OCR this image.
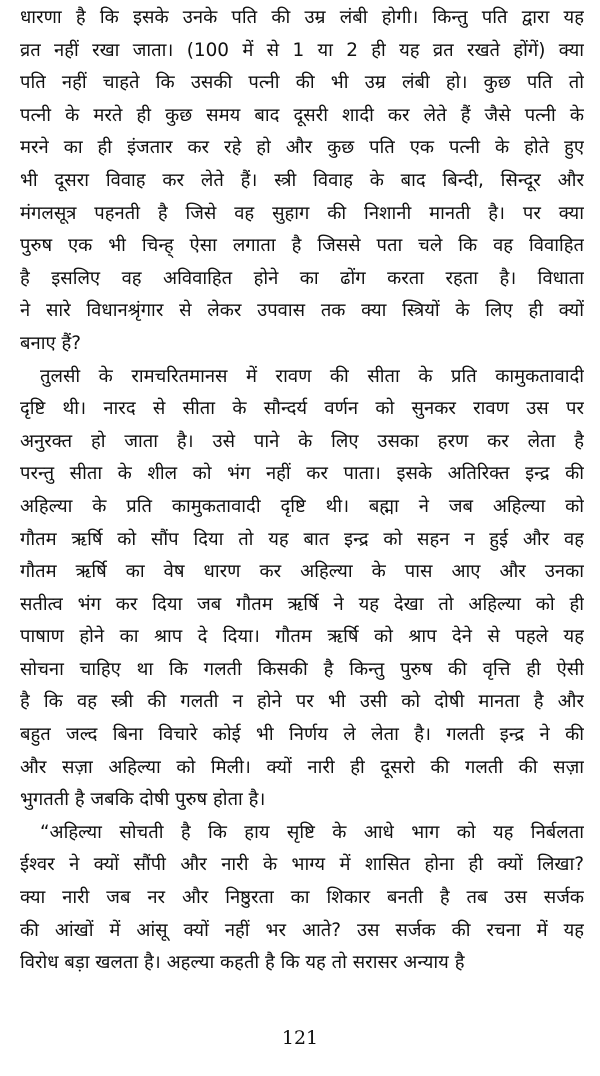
धारणा है कि इसके उनके पति की उम्र लंबी होगी। किन्तु पति द्वारा यह
व्रत नहीं रखा जाता। (100 में से 1 या 2 ही यह व्रत रखते होंगें) क्या
पति नहीं चाहते कि उसकी पत्नी की भी उम्र लंबी हो। कुछ पति तो
पत्नी के मरते ही कुछ समय बाद दूसरी शादी कर लेते हैं जैसे पत्नी के
मरने का ही इंजतार कर रहे हो और कुछ पति एक पत्नी के होते हुए
भी दूसरा विवाह कर लेते हैं। स्त्री विवाह के बाद बिन्दी, सिन्दूर और
मंगलसूत्र पहनती है जिसे वह सुहाग की निशानी मानती है। पर क्या
पुरुष एक भी चिन्ह् ऐसा लगाता है जिससे पता चले कि वह विवाहित
है इसलिए वह अविवाहित होने का ढोंग करता रहता है। विधाता
ने सारे विधानश्रृंगार से लेकर उपवास तक क्या स्त्रियों के लिए ही क्यों
बनाए हैं?
तुलसी के रामचरितमानस में रावण की सीता के प्रति कामुकतावादी
दृष्टि थी। नारद से सीता के सौन्दर्य वर्णन को सुनकर रावण उस पर
अनुरक्त हो जाता है। उसे पाने के लिए उसका हरण कर लेता है
परन्तु सीता के शील को भंग नहीं कर पाता। इसके अतिरिक्त इन्द्र की
अहिल्या के प्रति कामुकतावादी दृष्टि थी। बह्मा ने जब अहिल्या को
गौतम ऋर्षि को सौंप दिया तो यह बात इन्द्र को सहन न हुई और वह
गौतम ऋर्षि का वेष धारण कर अहिल्या के पास आए और उनका
सतीत्व भंग कर दिया जब गौतम ऋर्षि ने यह देखा तो अहिल्या को ही
पाषाण होने का श्राप दे दिया। गौतम ऋर्षि को श्राप देने से पहले यह
सोचना चाहिए था कि गलती किसकी है किन्तु पुरुष की वृत्ति ही ऐसी
है कि वह स्त्री की गलती न होने पर भी उसी को दोषी मानता है और
बहुत जल्द बिना विचारे कोई भी निर्णय ले लेता है। गलती इन्द्र ने की
और सज़ा अहिल्या को मिली। क्यों नारी ही दूसरो की गलती की सज़ा
भुगतती है जबकि दोषी पुरुष होता है।
“अहिल्या सोचती है कि हाय सृष्टि के आधे भाग को यह निर्बलता
ईश्वर ने क्यों सौंपी और नारी के भाग्य में शासित होना ही क्यों लिखा?
क्या नारी जब नर और निष्ठुरता का शिकार बनती है तब उस सर्जक
की आंखों में आंसू क्यों नहीं भर आते? उस सर्जक की रचना में यह
विरोध बड़ा खलता है। अहल्या कहती है कि यह तो सरासर अन्याय है
121
